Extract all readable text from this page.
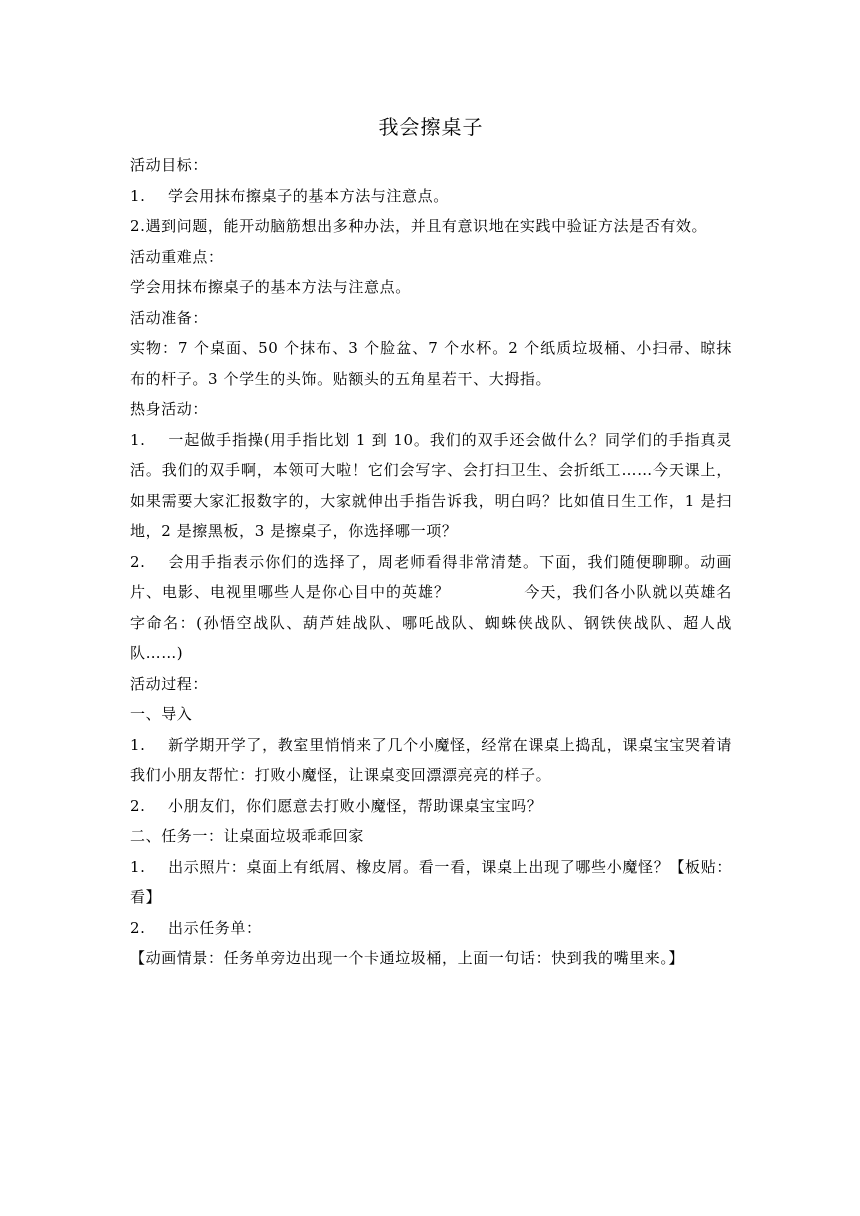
我会擦桌子

活动目标：

1. 学会用抹布擦桌子的基本方法与注意点。

2.遇到问题，能开动脑筋想出多种办法，并且有意识地在实践中验证方法是否有效。

活动重难点：

学会用抹布擦桌子的基本方法与注意点。

活动准备：

实物：7 个桌面、50 个抹布、3 个脸盆、7 个水杯。2 个纸质垃圾桶、小扫帚、晾抹布的杆子。3 个学生的头饰。贴额头的五角星若干、大拇指。

热身活动：

1. 一起做手指操(用手指比划 1 到 10。我们的双手还会做什么？同学们的手指真灵活。我们的双手啊，本领可大啦！它们会写字、会打扫卫生、会折纸工……今天课上，如果需要大家汇报数字的，大家就伸出手指告诉我，明白吗？比如值日生工作，1 是扫地，2 是擦黑板，3 是擦桌子，你选择哪一项？

2. 会用手指表示你们的选择了，周老师看得非常清楚。下面，我们随便聊聊。动画片、电影、电视里哪些人是你心目中的英雄？	今天，我们各小队就以英雄名字命名：(孙悟空战队、葫芦娃战队、哪吒战队、蜘蛛侠战队、钢铁侠战队、超人战队……)

活动过程：

一、导入

1. 新学期开学了，教室里悄悄来了几个小魔怪，经常在课桌上捣乱，课桌宝宝哭着请我们小朋友帮忙：打败小魔怪，让课桌变回漂漂亮亮的样子。

2. 小朋友们，你们愿意去打败小魔怪，帮助课桌宝宝吗？

二、任务一：让桌面垃圾乖乖回家

1. 出示照片：桌面上有纸屑、橡皮屑。看一看，课桌上出现了哪些小魔怪？【板贴：看】

2. 出示任务单：

【动画情景：任务单旁边出现一个卡通垃圾桶，上面一句话：快到我的嘴里来。】
